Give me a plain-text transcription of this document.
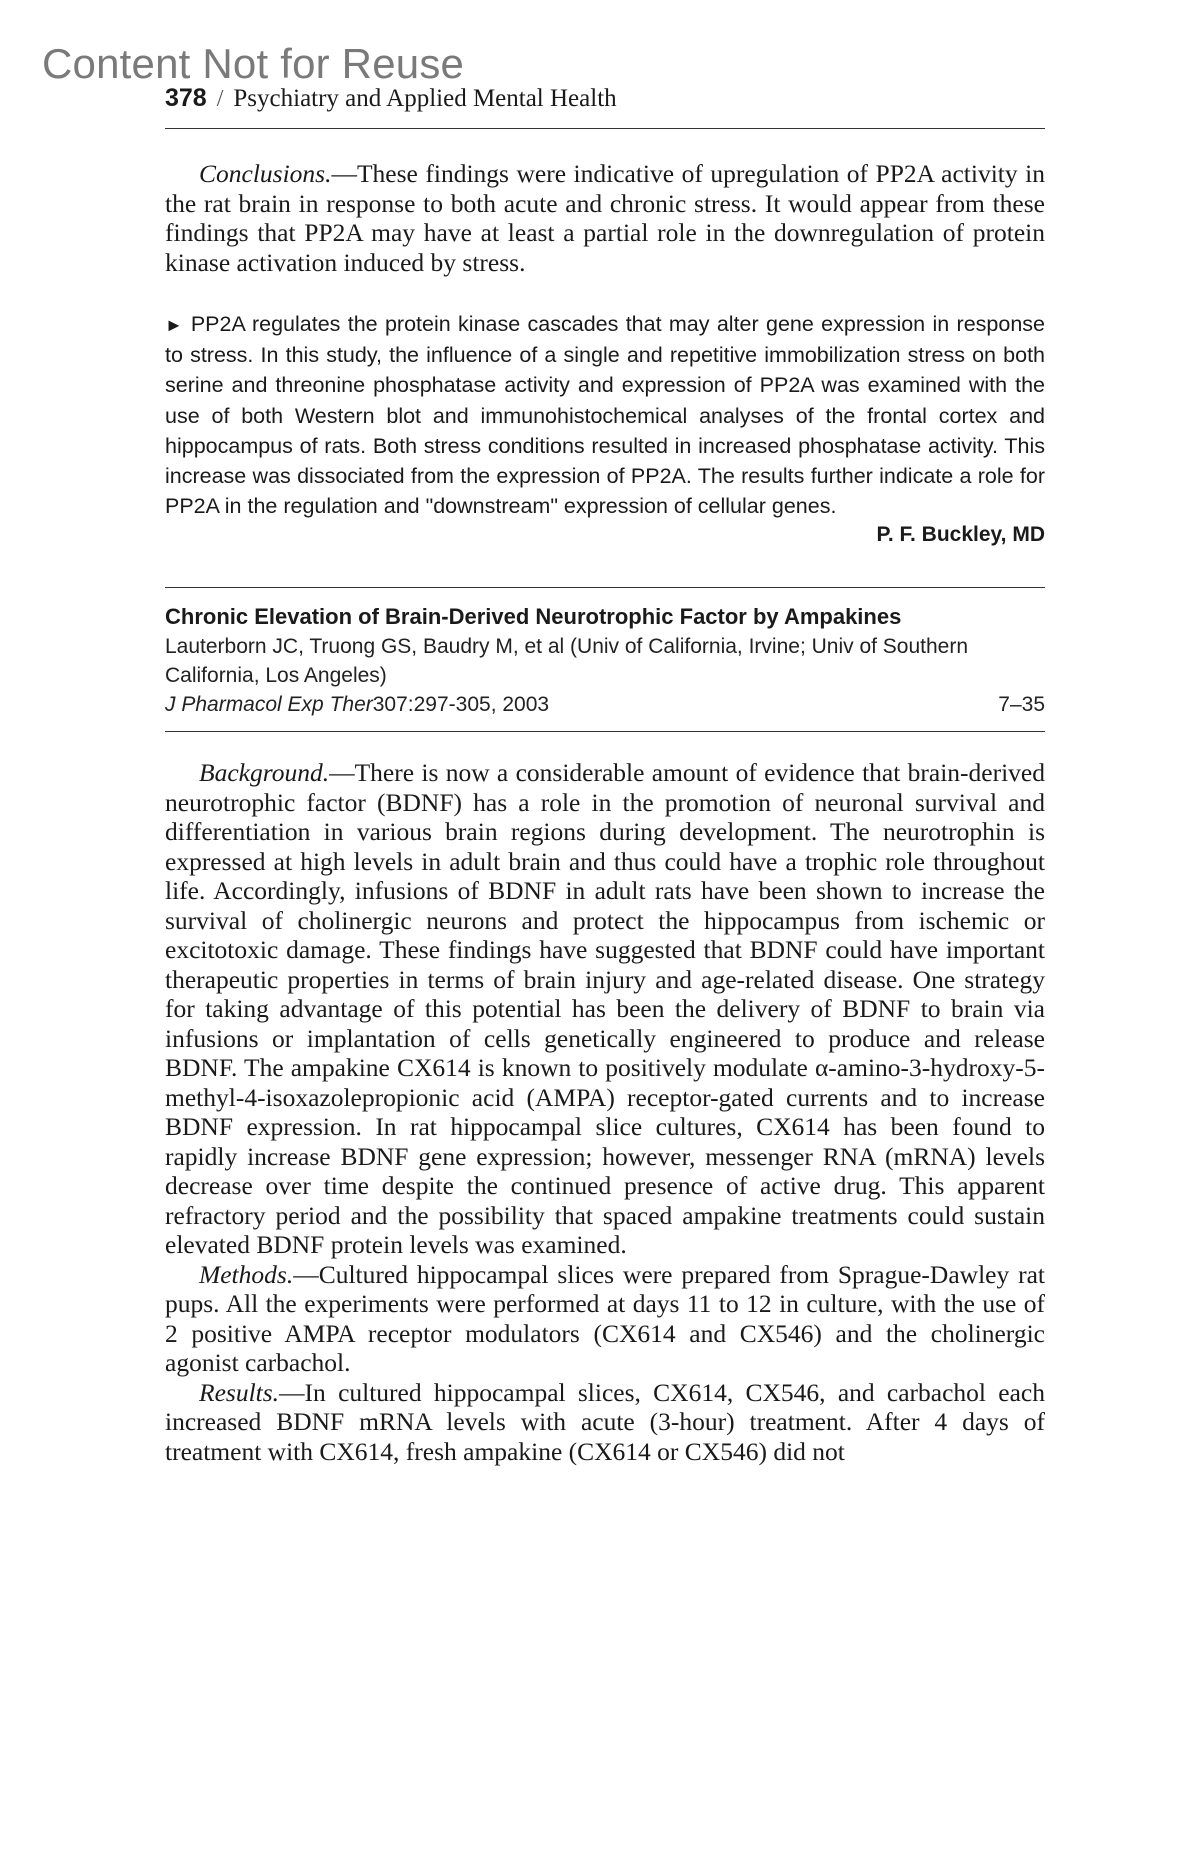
Content Not for Reuse
378 / Psychiatry and Applied Mental Health

Conclusions.—These findings were indicative of upregulation of PP2A activity in the rat brain in response to both acute and chronic stress. It would appear from these findings that PP2A may have at least a partial role in the downregulation of protein kinase activation induced by stress.

► PP2A regulates the protein kinase cascades that may alter gene expression in response to stress. In this study, the influence of a single and repetitive immobilization stress on both serine and threonine phosphatase activity and expression of PP2A was examined with the use of both Western blot and immunohistochemical analyses of the frontal cortex and hippocampus of rats. Both stress conditions resulted in increased phosphatase activity. This increase was dissociated from the expression of PP2A. The results further indicate a role for PP2A in the regulation and "downstream" expression of cellular genes.

P. F. Buckley, MD
Chronic Elevation of Brain-Derived Neurotrophic Factor by Ampakines
Lauterborn JC, Truong GS, Baudry M, et al (Univ of California, Irvine; Univ of Southern California, Los Angeles)
J Pharmacol Exp Ther307:297-305, 2003	7–35

Background.—There is now a considerable amount of evidence that brain-derived neurotrophic factor (BDNF) has a role in the promotion of neuronal survival and differentiation in various brain regions during development. The neurotrophin is expressed at high levels in adult brain and thus could have a trophic role throughout life. Accordingly, infusions of BDNF in adult rats have been shown to increase the survival of cholinergic neurons and protect the hippocampus from ischemic or excitotoxic damage. These findings have suggested that BDNF could have important therapeutic properties in terms of brain injury and age-related disease. One strategy for taking advantage of this potential has been the delivery of BDNF to brain via infusions or implantation of cells genetically engineered to produce and release BDNF. The ampakine CX614 is known to positively modulate α-amino-3-hydroxy-5-methyl-4-isoxazolepropionic acid (AMPA) receptor-gated currents and to increase BDNF expression. In rat hippocampal slice cultures, CX614 has been found to rapidly increase BDNF gene expression; however, messenger RNA (mRNA) levels decrease over time despite the continued presence of active drug. This apparent refractory period and the possibility that spaced ampakine treatments could sustain elevated BDNF protein levels was examined.

Methods.—Cultured hippocampal slices were prepared from Sprague-Dawley rat pups. All the experiments were performed at days 11 to 12 in culture, with the use of 2 positive AMPA receptor modulators (CX614 and CX546) and the cholinergic agonist carbachol.

Results.—In cultured hippocampal slices, CX614, CX546, and carbachol each increased BDNF mRNA levels with acute (3-hour) treatment. After 4 days of treatment with CX614, fresh ampakine (CX614 or CX546) did not
